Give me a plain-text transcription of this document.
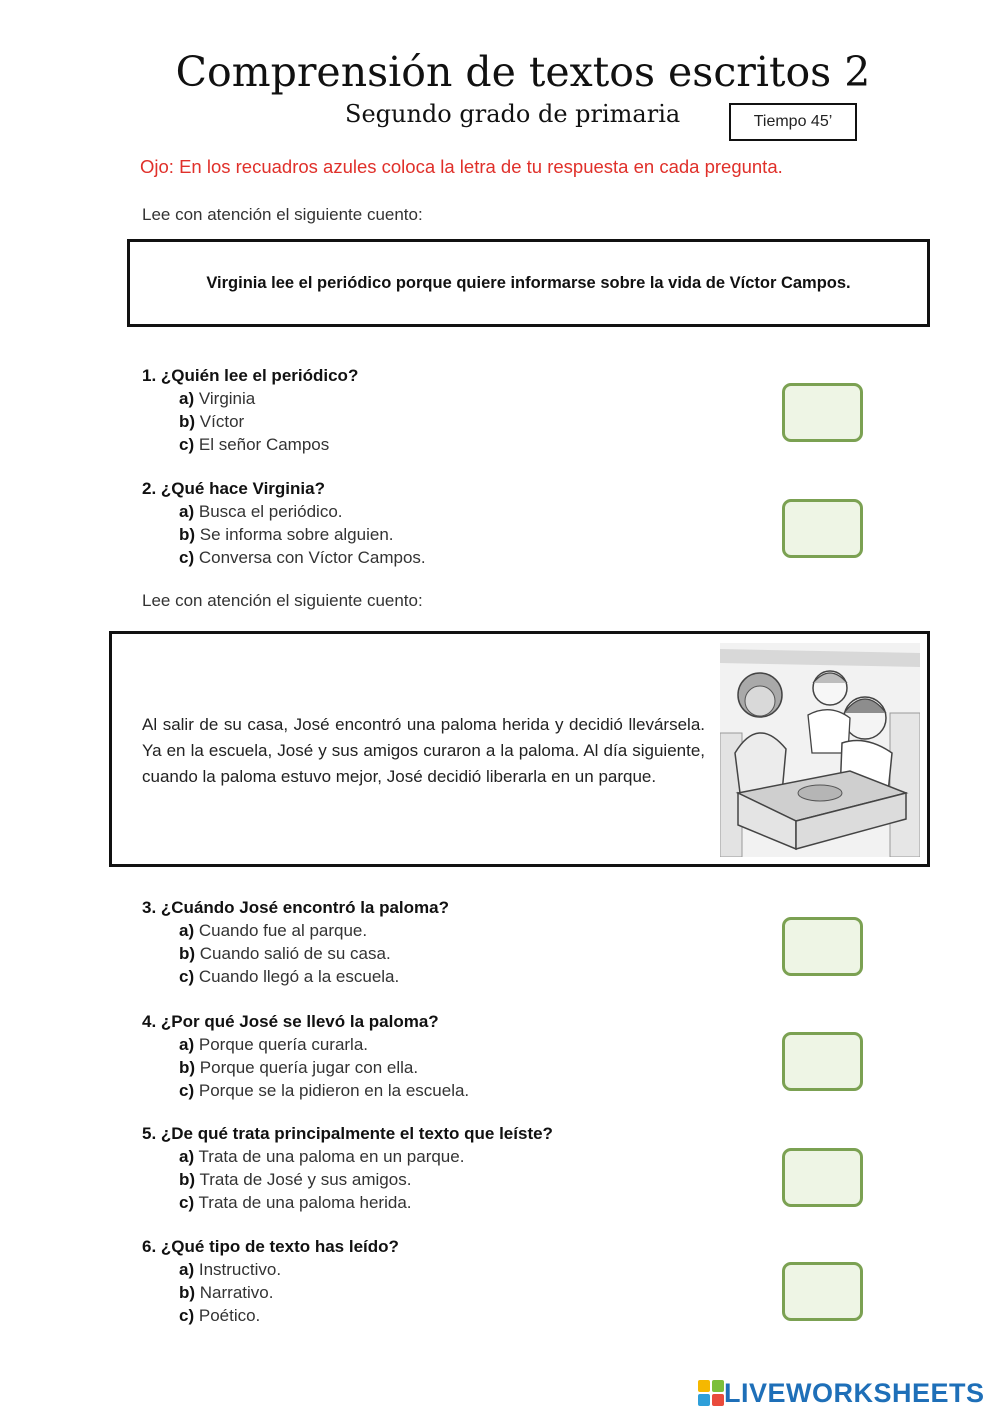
Comprensión de textos escritos 2
Segundo grado de primaria	Tiempo 45’
Ojo: En los recuadros azules coloca la letra de tu respuesta en cada pregunta.
Lee con atención el siguiente cuento:
Virginia lee el periódico porque quiere informarse sobre la vida de Víctor Campos.
1. ¿Quién lee el periódico?
a) Virginia
b) Víctor
c) El señor Campos
2. ¿Qué hace Virginia?
a) Busca el periódico.
b) Se informa sobre alguien.
c) Conversa con Víctor Campos.
Lee con atención el siguiente cuento:
Al salir de su casa, José encontró una paloma herida y decidió llevársela. Ya en la escuela, José y sus amigos curaron a la paloma. Al día siguiente, cuando la paloma estuvo mejor, José decidió liberarla en un parque.
3. ¿Cuándo José encontró la paloma?
a) Cuando fue al parque.
b) Cuando salió de su casa.
c) Cuando llegó a la escuela.
4. ¿Por qué José se llevó la paloma?
a) Porque quería curarla.
b) Porque quería jugar con ella.
c) Porque se la pidieron en la escuela.
5. ¿De qué trata principalmente el texto que leíste?
a) Trata de una paloma en un parque.
b) Trata de José y sus amigos.
c) Trata de una paloma herida.
6. ¿Qué tipo de texto has leído?
a) Instructivo.
b) Narrativo.
c) Poético.
LIVEWORKSHEETS
